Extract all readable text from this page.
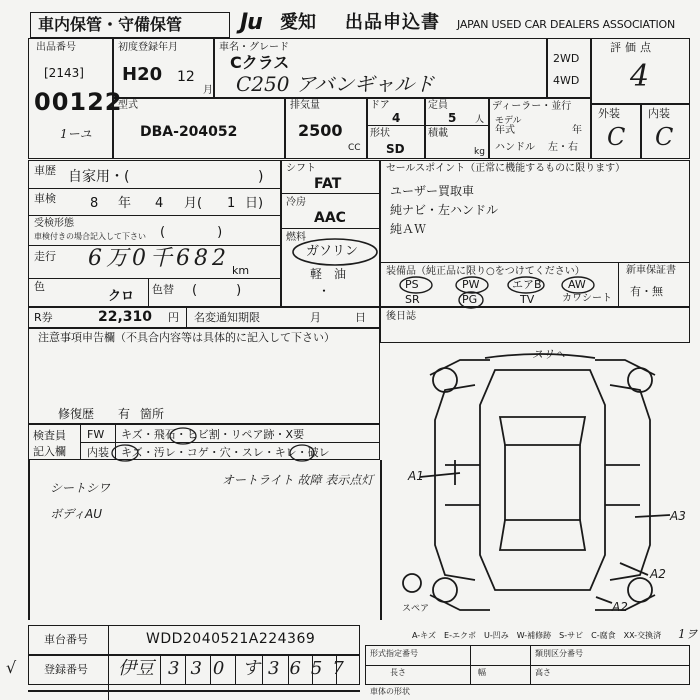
車内保管・守備保管	Ju 愛知 出品申込書 JAPAN USED CAR DEALERS ASSOCIATION
出品番号
[2143]
00122
1ーユ
初度登録年月
H20 12
月
車名・グレード
Cクラス
C250 アバンギャルド
2WD
4WD
評価点
4
外装	内装
C C
型式
DBA-204052
排気量
2500
CC
ドア
4
定員
5 人
形状
SD
積載
kg
ディーラー・並行
モデル
年式	年
ハンドル 左・右
車歴 自家用・(	)
車検	8 年 4 月( 1 日)
受検形態
車検付きの場合記入して下さい (　　　　)
走行 6万0千682 km
色
クロ 色替 (　　　)
シフト
FAT
冷房
AAC
燃料
ガソリン
軽　油
・
セールスポイント（正常に機能するものに限ります）
ユーザー買取車
純ナビ・左ハンドル
純ＡＷ
装備品（純正品に限り○をつけてください）
PS	PW	エアB AW
SR	PG	TV	カワシート
新車保証書
有・無
R券	22,310 円 名変通知期限	月	日 後日誌
注意事項申告欄（不具合内容等は具体的に記入して下さい）
修復歴 有 箇所
検査員
記入欄
FW キズ・飛石・ヒビ割・リペア跡・X要
内装 キズ・汚レ・コゲ・穴・スレ・キレ・破レ
シートシワ
オートライト 故障 表示点灯
ボディAU
スリヘ
A1
A3
A2
A2
スペア
A-キズ　E-エクボ　U-凹み　W-補修跡　S-サビ　C-腐食　XX-交換済
車台番号	WDD2040521A224369
登録番号 伊豆 330 す 3657
形式指定番号	類別区分番号
長さ	幅	高さ
車体の形状
√
1ヲ
